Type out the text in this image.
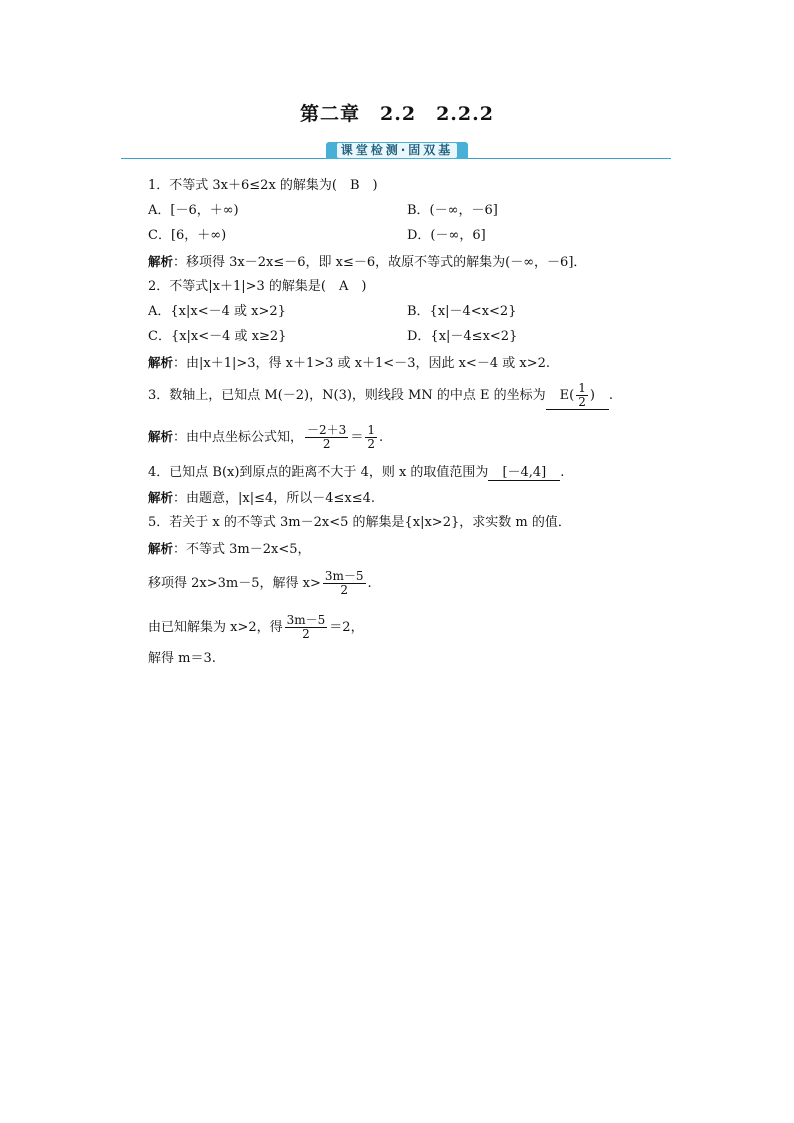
第二章　2.2　2.2.2
课堂检测·固双基
1．不等式 3x＋6≤2x 的解集为(　B　)
A．[－6，＋∞)	B．(－∞，－6]
C．[6，＋∞)	D．(－∞，6]
解析：移项得 3x－2x≤－6，即 x≤－6，故原不等式的解集为(－∞，－6]．
2．不等式|x＋1|>3 的解集是(　A　)
A．{x|x<－4 或 x>2}	B．{x|－4<x<2}
C．{x|x<－4 或 x≥2}	D．{x|－4≤x<2}
解析：由|x＋1|>3，得 x＋1>3 或 x＋1<－3，因此 x<－4 或 x>2.
3．数轴上，已知点 M(－2)，N(3)，则线段 MN 的中点 E 的坐标为 $E( \frac{1}{2}$ ) .
解析：由中点坐标公式知， $\frac{-2+3}{2} = \frac{1}{2}$ .
4．已知点 B(x)到原点的距离不大于 4，则 x 的取值范围为 [－4,4] .
解析：由题意，|x|≤4，所以－4≤x≤4.
5．若关于 x 的不等式 3m－2x<5 的解集是{x|x>2}，求实数 m 的值．
解析：不等式 3m－2x<5，
移项得 2x>3m－5，解得 $x> \frac{3m-5}{2}$ .
由已知解集为 x>2，得 $\frac{3m-5}{2} =2$，
解得 m＝3.
